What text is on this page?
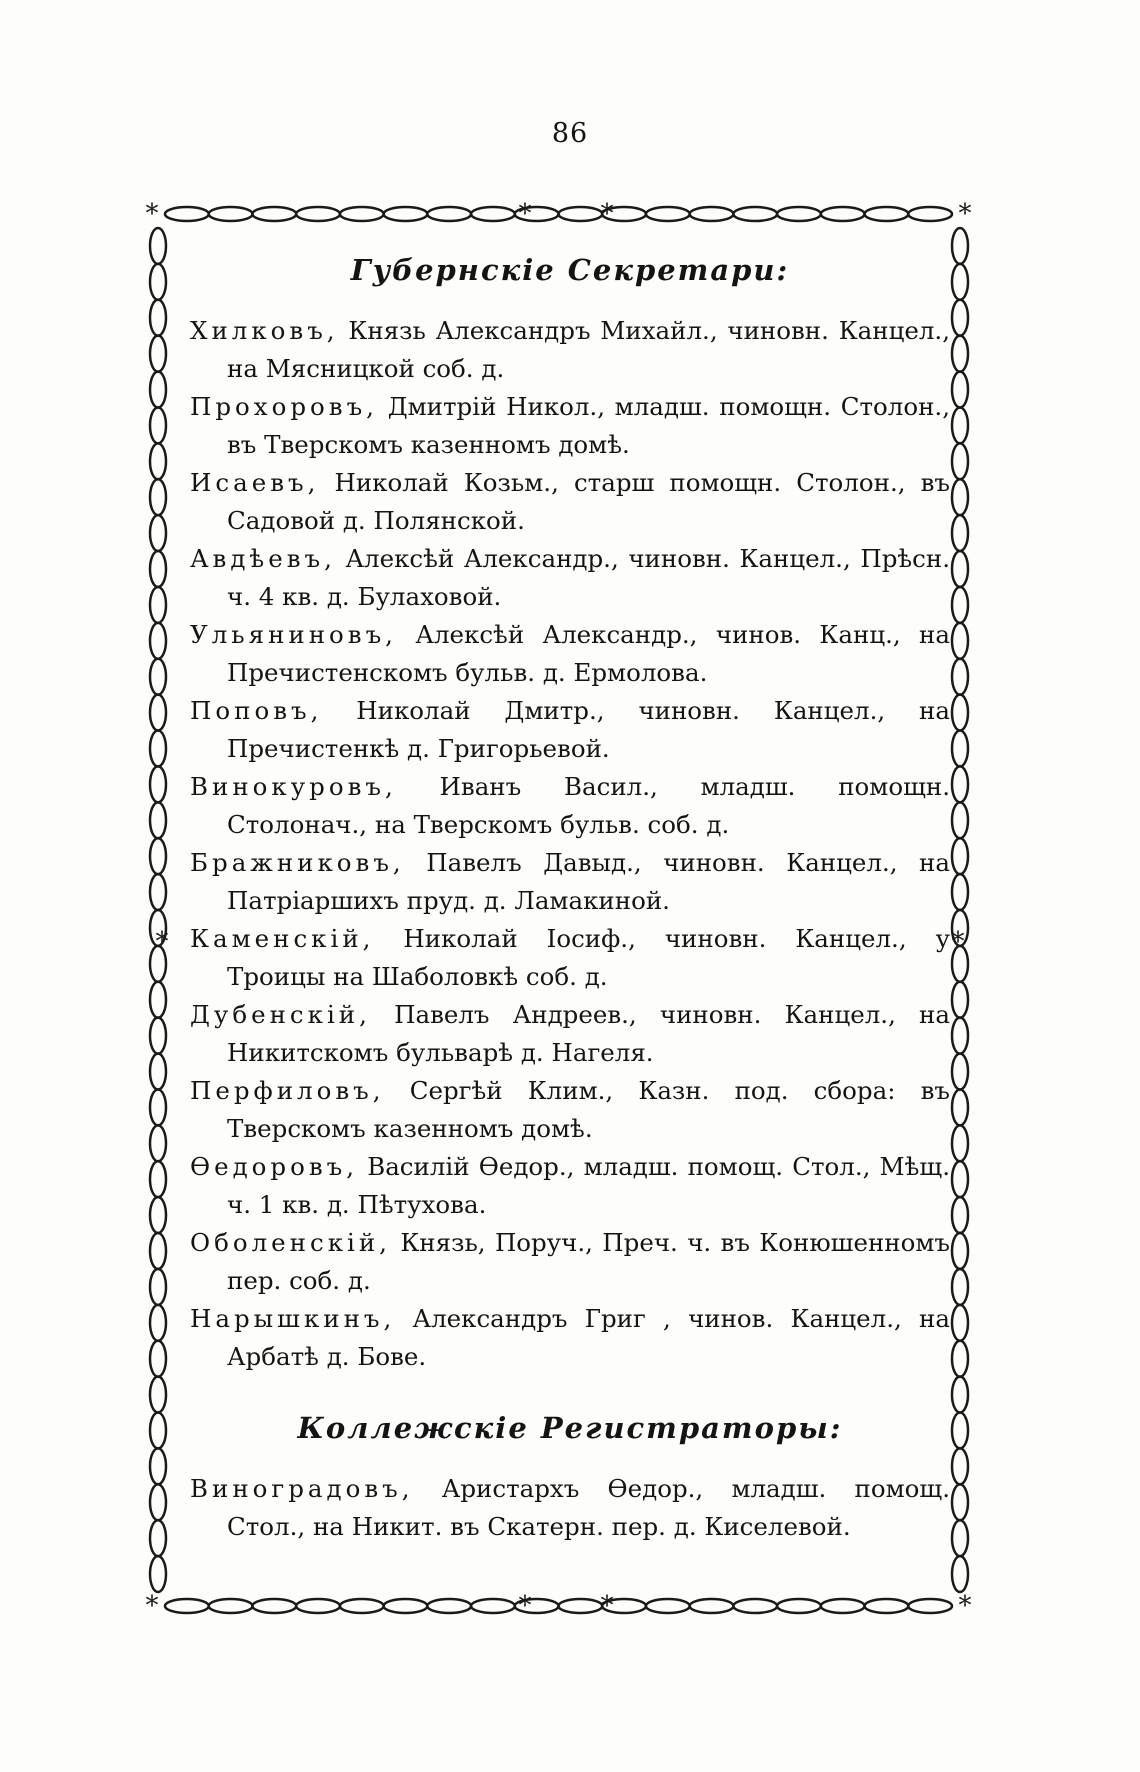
86
*	*
*	*
*	*
*	*
*	*
Губернскіе Секретари:
Хилковъ, Князь Александръ Михайл., чиновн. Канцел., на Мясницкой соб. д.
Прохоровъ, Дмитрій Никол., младш. помощн. Столон., въ Тверскомъ казенномъ домѣ.
Исаевъ, Николай Козьм., старш помощн. Столон., въ Садовой д. Полянской.
Авдѣевъ, Алексѣй Александр., чиновн. Канцел., Прѣсн. ч. 4 кв. д. Булаховой.
Ульяниновъ, Алексѣй Александр., чинов. Канц., на Пречистенскомъ бульв. д. Ермолова.
Поповъ, Николай Дмитр., чиновн. Канцел., на Пречистенкѣ д. Григорьевой.
Винокуровъ, Иванъ Васил., младш. помощн. Столонач., на Тверскомъ бульв. соб. д.
Бражниковъ, Павелъ Давыд., чиновн. Канцел., на Патріаршихъ пруд. д. Ламакиной.
Каменскій, Николай Іосиф., чиновн. Канцел., у Троицы на Шаболовкѣ соб. д.
Дубенскій, Павелъ Андреев., чиновн. Канцел., на Никитскомъ бульварѣ д. Нагеля.
Перфиловъ, Сергѣй Клим., Казн. под. сбора: въ Тверскомъ казенномъ домѣ.
Өедоровъ, Василій Өедор., младш. помощ. Стол., Мѣщ. ч. 1 кв. д. Пѣтухова.
Оболенскій, Князь, Поруч., Преч. ч. въ Конюшенномъ пер. соб. д.
Нарышкинъ, Александръ Григ , чинов. Канцел., на Арбатѣ д. Бове.
Коллежскіе Регистраторы:
Виноградовъ, Аристархъ Өедор., младш. помощ. Стол., на Никит. въ Скатерн. пер. д. Киселевой.
